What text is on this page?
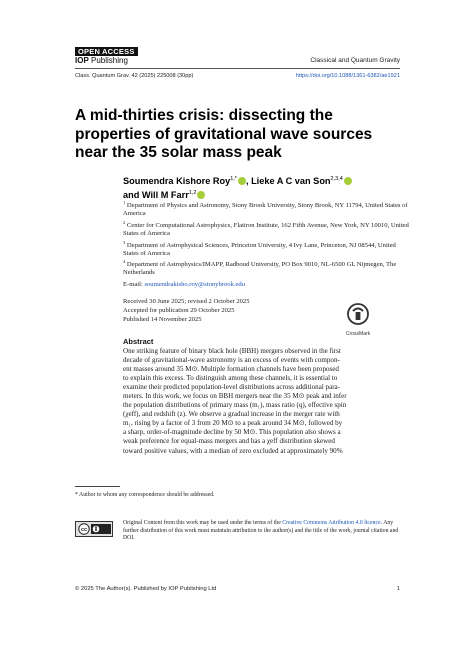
OPEN ACCESS
IOP Publishing	Classical and Quantum Gravity
Class. Quantum Grav. 42 (2025) 225008 (30pp)	https://doi.org/10.1088/1361-6382/ae1921
A mid-thirties crisis: dissecting the properties of gravitational wave sources near the 35 solar mass peak
Soumendra Kishore Roy$^{1,*}$ , Lieke A C van Son$^{2,3,4}$
and Will M Farr$^{1,2}$
$^1$ Department of Physics and Astronomy, Stony Brook University, Stony Brook, NY 11794, United States of America
$^2$ Center for Computational Astrophysics, Flatiron Institute, 162 Fifth Avenue, New York, NY 10010, United States of America
$^3$ Department of Astrophysical Sciences, Princeton University, 4 Ivy Lane, Princeton, NJ 08544, United States of America
$^4$ Department of Astrophysics/IMAPP, Radboud University, PO Box 9010, NL-6500 GL Nijmegen, The Netherlands
E-mail: soumendrakisho.roy@stonybrook.edu
Received 30 June 2025; revised 2 October 2025
Accepted for publication 29 October 2025
Published 14 November 2025
CrossMark
Abstract
One striking feature of binary black hole (BBH) mergers observed in the first
decade of gravitational-wave astronomy is an excess of events with compon-
ent masses around 35 M⊙. Multiple formation channels have been proposed
to explain this excess. To distinguish among these channels, it is essential to
examine their predicted population-level distributions across additional para-
meters. In this work, we focus on BBH mergers near the 35 M⊙ peak and infer
the population distributions of primary mass (m₁), mass ratio (q), effective spin
(χeff), and redshift (z). We observe a gradual increase in the merger rate with
m₁, rising by a factor of 3 from 20 M⊙ to a peak around 34 M⊙, followed by
a sharp, order-of-magnitude decline by 50 M⊙. This population also shows a
weak preference for equal-mass mergers and has a χeff distribution skewed
toward positive values, with a median of zero excluded at approximately 90%
* Author to whom any correspondence should be addressed.
cc
Original Content from this work may be used under the terms of the Creative Commons Attribution 4.0 licence. Any further distribution of this work must maintain attribution to the author(s) and the title of the work, journal citation and DOI.
© 2025 The Author(s). Published by IOP Publishing Ltd	1
